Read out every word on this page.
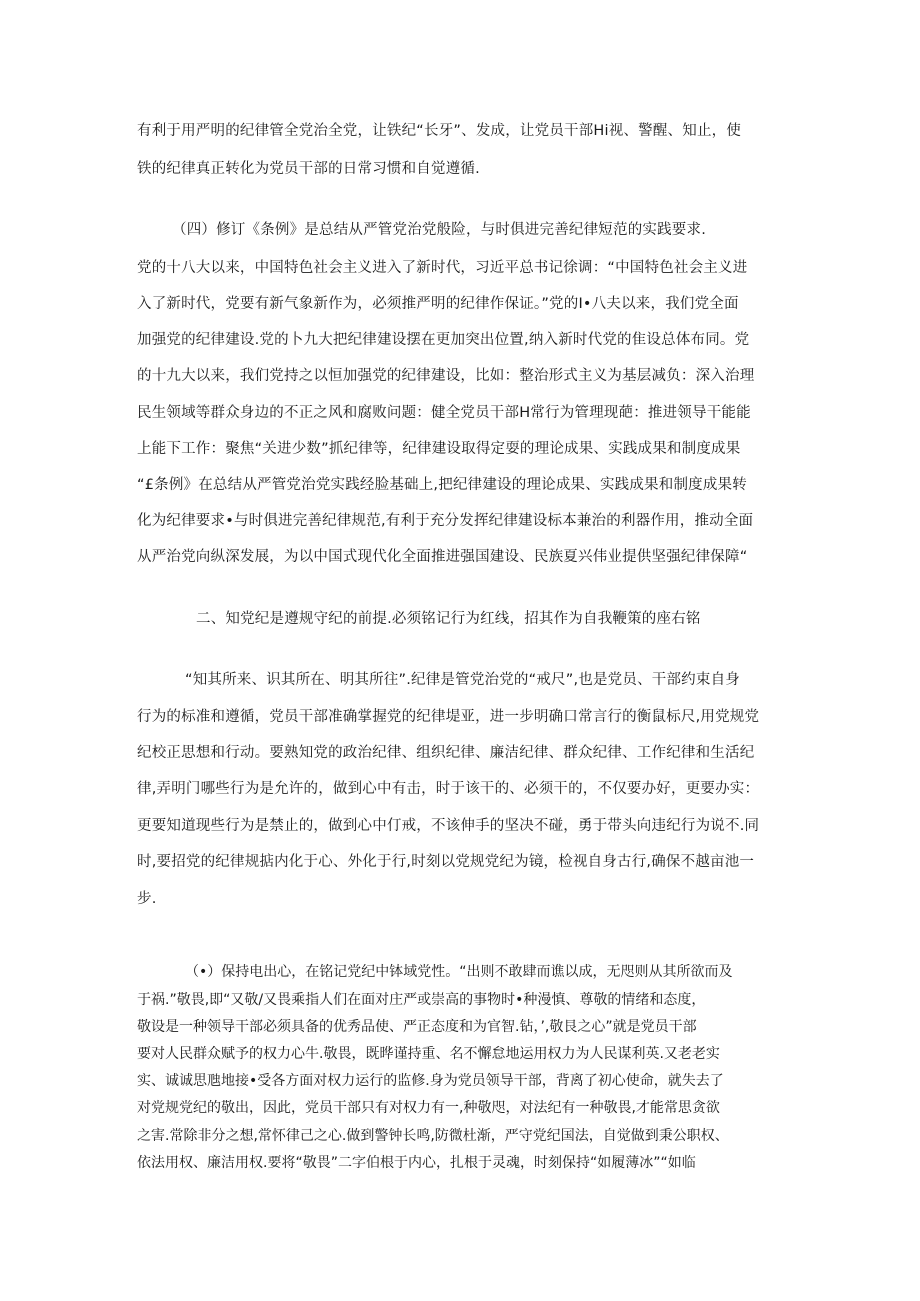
有利于用严明的纪律管全党治全党，让铁纪“长牙”、发成，让党员干部Hi视、警醒、知止，使
铁的纪律真正转化为党员干部的日常习惯和自觉遵循.
（四）修订《条例》是总结从严管党治党般险，与时俱进完善纪律短范的实践要求.
党的十八大以来，中国特色社会主义进入了新时代，习近平总书记徐调：“中国特色社会主义进
入了新时代，党要有新气象新作为，必须推严明的纪律作保证。”党的I•八夫以来，我们党全面
加强党的纪律建设.党的卜九大把纪律建设摆在更加突出位置,纳入新时代党的隹设总体布同。党
的十九大以来，我们党持之以恒加强党的纪律建设，比如：整治形式主义为基层减负：深入治理
民生领域等群众身边的不正之风和腐败问题：健全党员干部H常行为管理现葩：推进领导干能能
上能下工作：聚焦“关进少数”抓纪律等，纪律建设取得定耍的理论成果、实践成果和制度成果
“£条例》在总结从严管党治党实践经脸基础上,把纪律建设的理论成果、实践成果和制度成果转
化为纪律要求•与时俱进完善纪律规范,有利于充分发挥纪律建设标本兼治的利器作用，推动全面
从严治党向纵深发展，为以中国式现代化全面推进强国建设、民族夏兴伟业提供坚强纪律保障“
二、知党纪是遵规守纪的前提.必须铭记行为红线，招其作为自我鞭策的座右铭
“知其所来、识其所在、明其所往”.纪律是管党治党的“戒尺”,也是党员、干部约束自身
行为的标准和遵循，党员干部准确掌握党的纪律堤亚，进一步明确口常言行的衡鼠标尺,用党规党
纪校正思想和行动。要熟知党的政治纪律、组织纪律、廉洁纪律、群众纪律、工作纪律和生活纪
律,弄明门哪些行为是允许的，做到心中有击，时于该干的、必须干的，不仅要办好，更要办实：
更要知道现些行为是禁止的，做到心中仃戒，不该伸手的坚决不碰，勇于带头向违纪行为说不.同
时,要招党的纪律规掂内化于心、外化于行,时刻以党规党纪为镜，检视自身古行,确保不越亩池一
步.
（•）保持电出心，在铭记党纪中钵域党性。“出则不敢肆而谯以成，无咫则从其所欲而及
于祸.”敬畏,即“又敬/又畏乘指人们在面对庄严或崇高的事物时•种漫慎、尊敬的情绪和态度，
敬设是一种领导干部必须具备的优秀品使、严正态度和为官智.钻，’,敬艮之心”就是党员干部
要对人民群众赋予的权力心牛.敬畏，既晔谨持重、名不懈怠地运用权力为人民谋利英.又老老实
实、诚诚思虺地接•受各方面对权力运行的监修.身为党员领导干部，背离了初心使命，就失去了
对党规党纪的敬出，因此，党员干部只有对权力有一,种敬咫，对法纪有一种敬畏,才能常思贪欲
之害.常除非分之想,常怀律己之心.做到警钟长鸣,防微杜渐，严守党纪国法，自觉做到秉公职权、
依法用权、廉洁用权.要将“敬畏”二字伯根于内心，扎根于灵魂，时刻保持“如履薄冰”“如临
